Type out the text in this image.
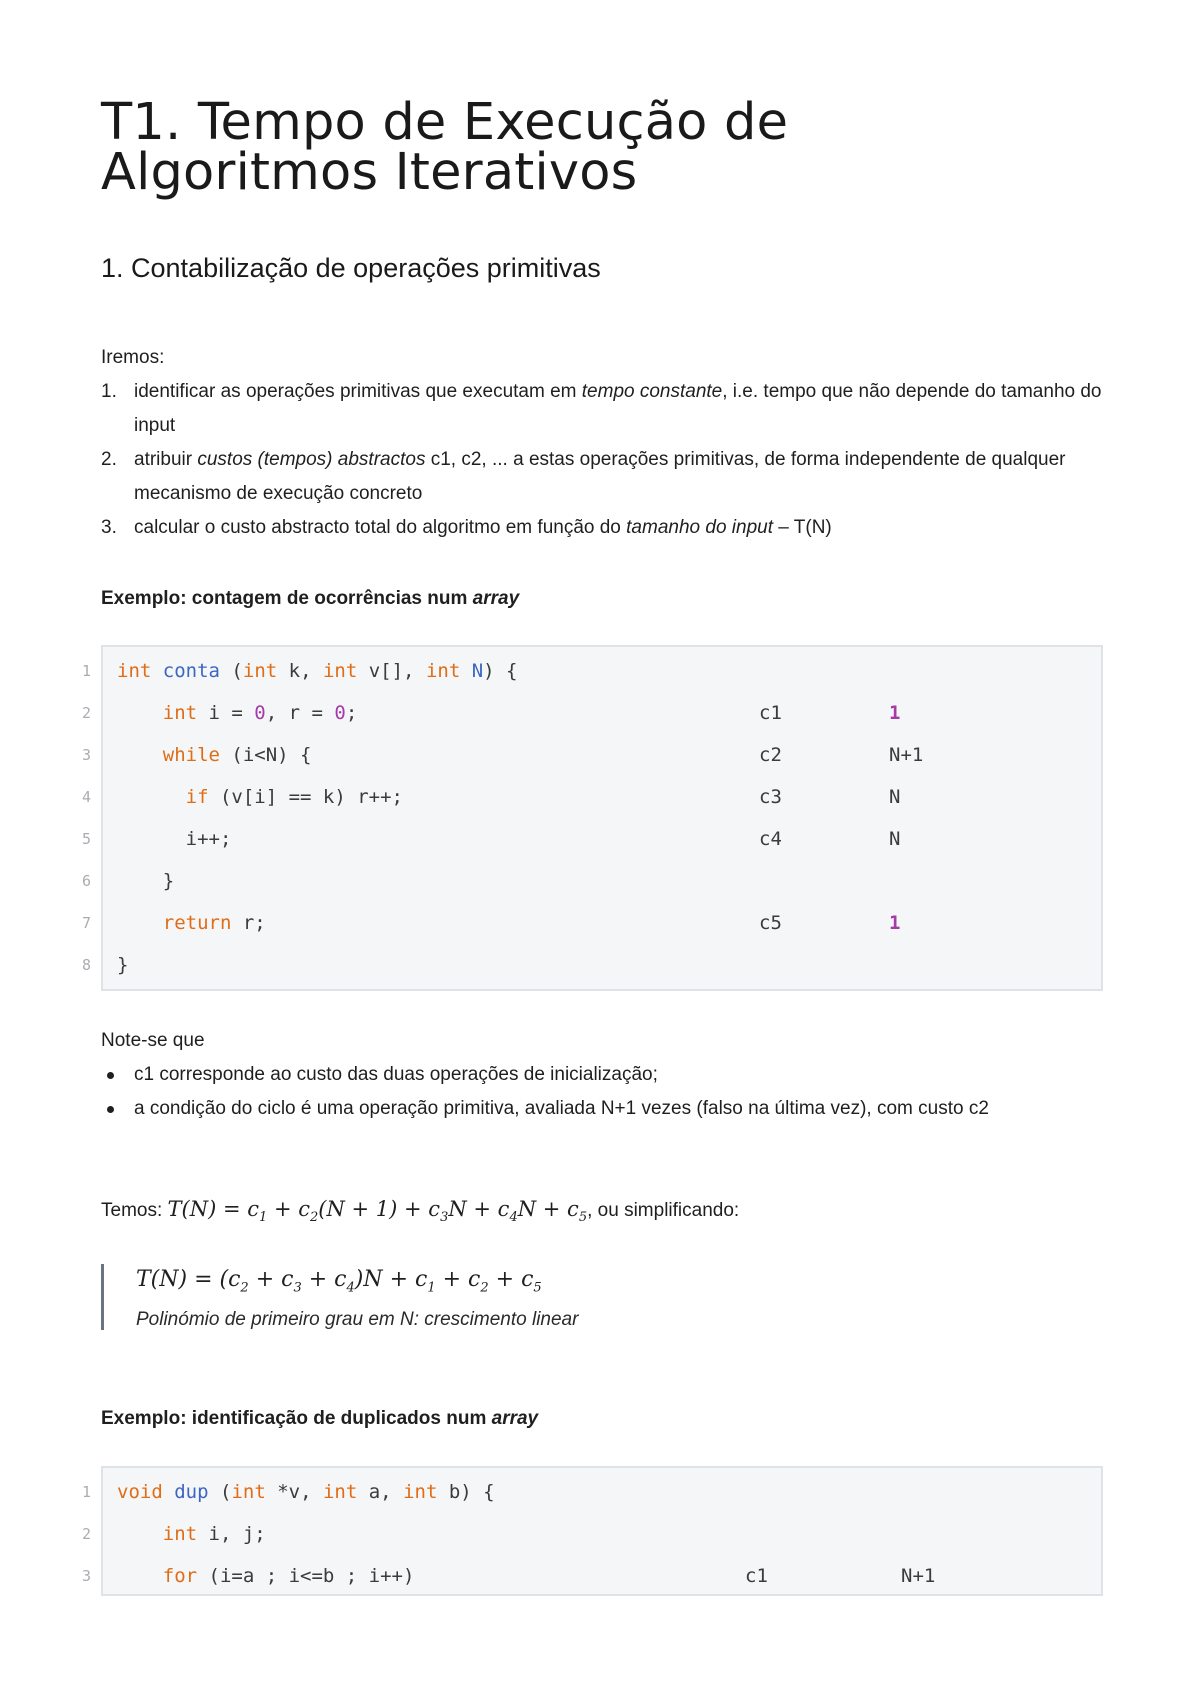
T1. Tempo de Execução de Algoritmos Iterativos
1. Contabilização de operações primitivas
Iremos:
1. identificar as operações primitivas que executam em tempo constante, i.e. tempo que não depende do tamanho do input
2. atribuir custos (tempos) abstractos c1, c2, ... a estas operações primitivas, de forma independente de qualquer mecanismo de execução concreto
3. calcular o custo abstracto total do algoritmo em função do tamanho do input – T(N)
Exemplo: contagem de ocorrências num array
1 int conta (int k, int v[], int N) {
2	int i = 0, r = 0;	c1	1
3	while (i<N) {	c2	N+1
4	if (v[i] == k) r++;	c3	N
5 i++;	c4	N
6 }
7	return r;	c5	1
8 }
Note-se que
c1 corresponde ao custo das duas operações de inicialização;
a condição do ciclo é uma operação primitiva, avaliada N+1 vezes (falso na última vez), com custo c2
Temos: $T(N) = c_1 + c_2(N + 1) + c_3N + c_4N + c_5$, ou simplificando:
$T(N) = (c_2 + c_3 + c_4)N + c_1 + c_2 + c_5$
Polinómio de primeiro grau em N: crescimento linear
Exemplo: identificação de duplicados num array
1 void dup (int *v, int a, int b) {
2	int i, j;
3	for (i=a ; i<=b ; i++)	c1	N+1
